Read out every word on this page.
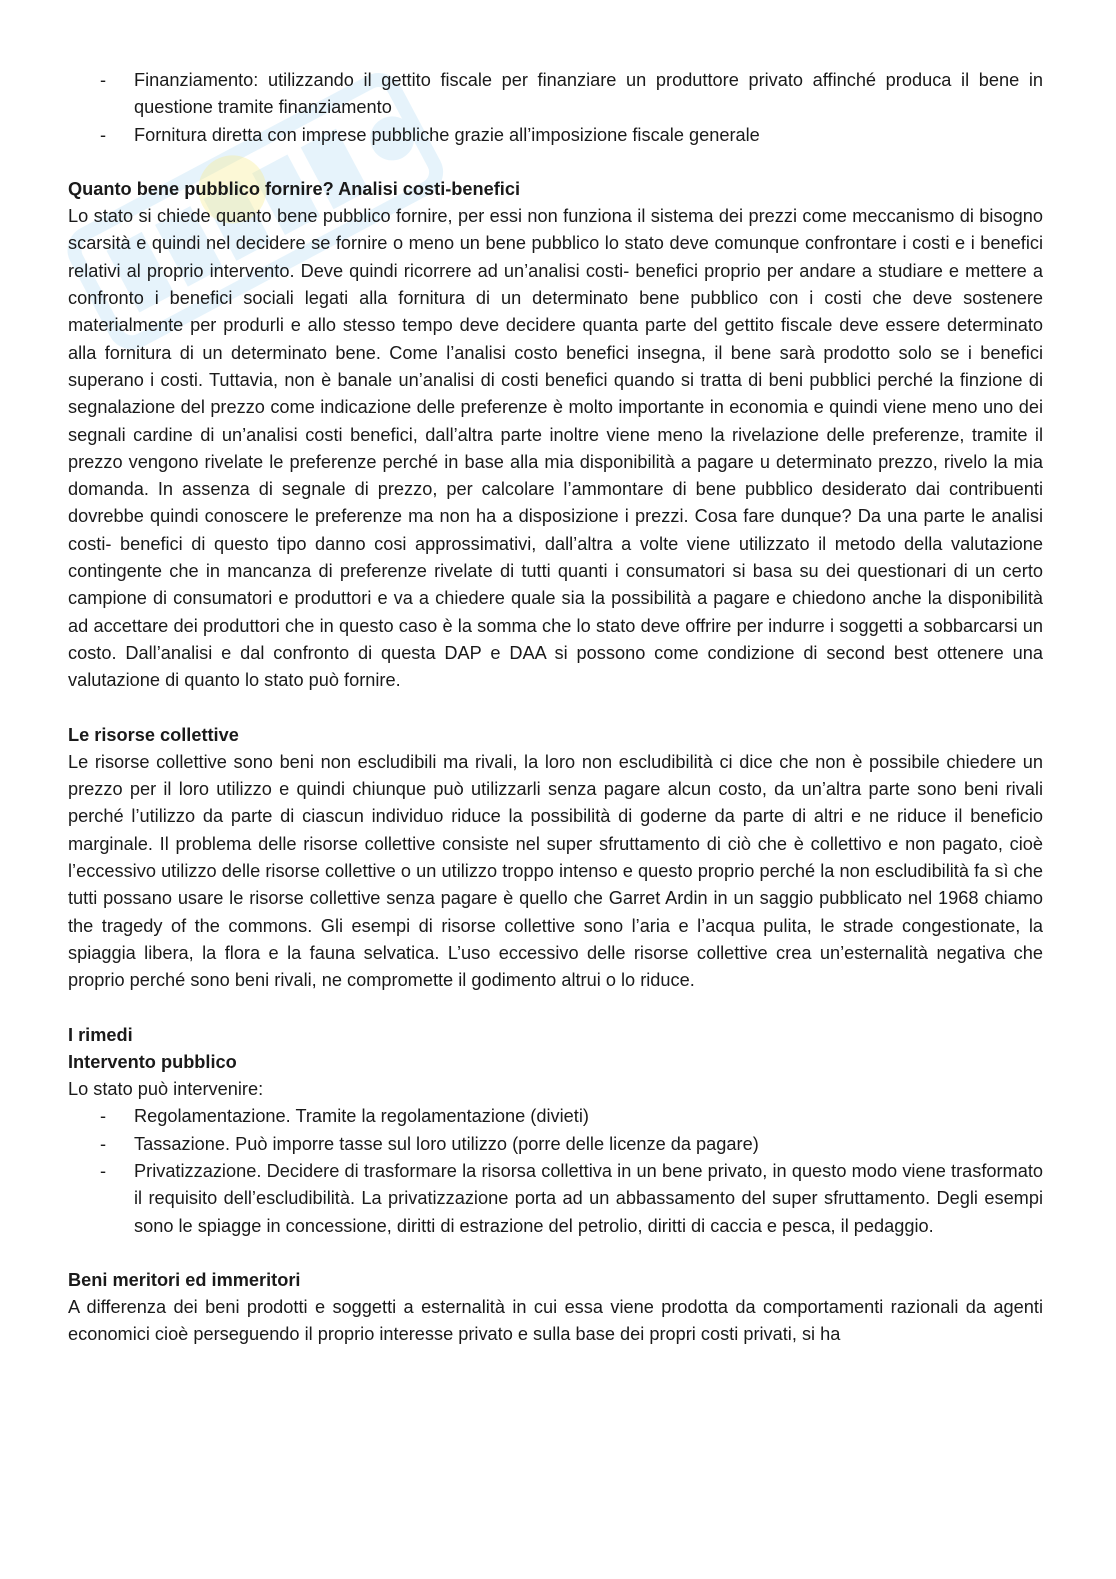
- Finanziamento: utilizzando il gettito fiscale per finanziare un produttore privato affinché produca il bene in questione tramite finanziamento
- Fornitura diretta con imprese pubbliche grazie all’imposizione fiscale generale

Quanto bene pubblico fornire? Analisi costi-benefici

Lo stato si chiede quanto bene pubblico fornire, per essi non funziona il sistema dei prezzi come meccanismo di bisogno scarsità e quindi nel decidere se fornire o meno un bene pubblico lo stato deve comunque confrontare i costi e i benefici relativi al proprio intervento. Deve quindi ricorrere ad un’analisi costi- benefici proprio per andare a studiare e mettere a confronto i benefici sociali legati alla fornitura di un determinato bene pubblico con i costi che deve sostenere materialmente per produrli e allo stesso tempo deve decidere quanta parte del gettito fiscale deve essere determinato alla fornitura di un determinato bene. Come l’analisi costo benefici insegna, il bene sarà prodotto solo se i benefici superano i costi. Tuttavia, non è banale un’analisi di costi benefici quando si tratta di beni pubblici perché la finzione di segnalazione del prezzo come indicazione delle preferenze è molto importante in economia e quindi viene meno uno dei segnali cardine di un’analisi costi benefici, dall’altra parte inoltre viene meno la rivelazione delle preferenze, tramite il prezzo vengono rivelate le preferenze perché in base alla mia disponibilità a pagare u determinato prezzo, rivelo la mia domanda. In assenza di segnale di prezzo, per calcolare l’ammontare di bene pubblico desiderato dai contribuenti dovrebbe quindi conoscere le preferenze ma non ha a disposizione i prezzi. Cosa fare dunque? Da una parte le analisi costi- benefici di questo tipo danno cosi approssimativi, dall’altra a volte viene utilizzato il metodo della valutazione contingente che in mancanza di preferenze rivelate di tutti quanti i consumatori si basa su dei questionari di un certo campione di consumatori e produttori e va a chiedere quale sia la possibilità a pagare e chiedono anche la disponibilità ad accettare dei produttori che in questo caso è la somma che lo stato deve offrire per indurre i soggetti a sobbarcarsi un costo. Dall’analisi e dal confronto di questa DAP e DAA si possono come condizione di second best ottenere una valutazione di quanto lo stato può fornire.

Le risorse collettive

Le risorse collettive sono beni non escludibili ma rivali, la loro non escludibilità ci dice che non è possibile chiedere un prezzo per il loro utilizzo e quindi chiunque può utilizzarli senza pagare alcun costo, da un’altra parte sono beni rivali perché l’utilizzo da parte di ciascun individuo riduce la possibilità di goderne da parte di altri e ne riduce il beneficio marginale. Il problema delle risorse collettive consiste nel super sfruttamento di ciò che è collettivo e non pagato, cioè l’eccessivo utilizzo delle risorse collettive o un utilizzo troppo intenso e questo proprio perché la non escludibilità fa sì che tutti possano usare le risorse collettive senza pagare è quello che Garret Ardin in un saggio pubblicato nel 1968 chiamo the tragedy of the commons. Gli esempi di risorse collettive sono l’aria e l’acqua pulita, le strade congestionate, la spiaggia libera, la flora e la fauna selvatica. L’uso eccessivo delle risorse collettive crea un’esternalità negativa che proprio perché sono beni rivali, ne compromette il godimento altrui o lo riduce.

I rimedi

Intervento pubblico

Lo stato può intervenire:

- Regolamentazione. Tramite la regolamentazione (divieti)
- Tassazione. Può imporre tasse sul loro utilizzo (porre delle licenze da pagare)
- Privatizzazione. Decidere di trasformare la risorsa collettiva in un bene privato, in questo modo viene trasformato il requisito dell’escludibilità. La privatizzazione porta ad un abbassamento del super sfruttamento. Degli esempi sono le spiagge in concessione, diritti di estrazione del petrolio, diritti di caccia e pesca, il pedaggio.

Beni meritori ed immeritori

A differenza dei beni prodotti e soggetti a esternalità in cui essa viene prodotta da comportamenti razionali da agenti economici cioè perseguendo il proprio interesse privato e sulla base dei propri costi privati, si ha
